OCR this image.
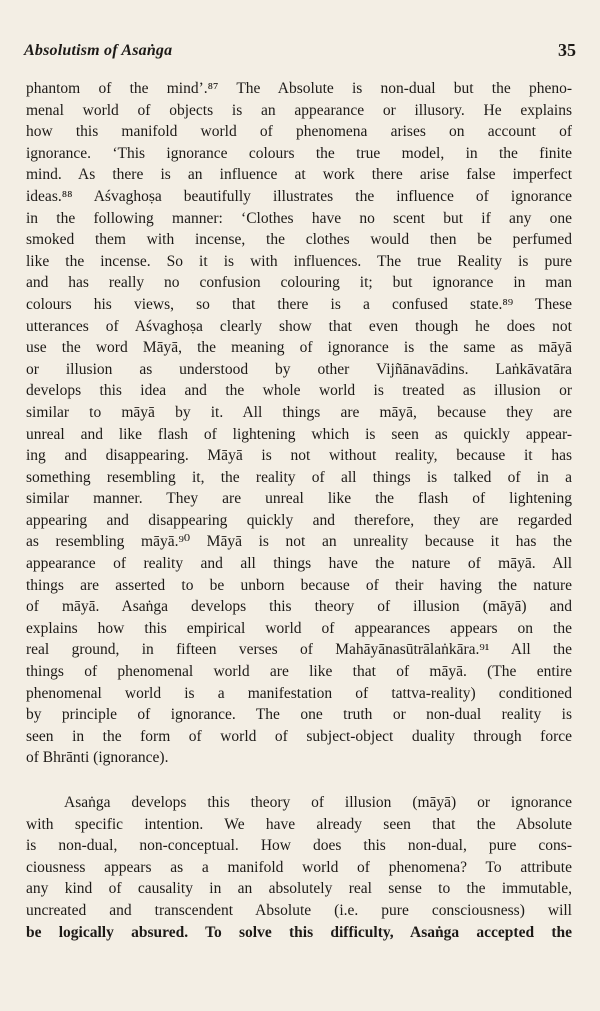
Absolutism of Asaṅga	35
phantom of the mind’.⁸⁷ The Absolute is non-dual but the pheno-
menal world of objects is an appearance or illusory. He explains
how this manifold world of phenomena arises on account of
ignorance. ‘This ignorance colours the true model, in the finite
mind. As there is an influence at work there arise false imperfect
ideas.⁸⁸ Aśvaghoṣa beautifully illustrates the influence of ignorance
in the following manner: ‘Clothes have no scent but if any one
smoked them with incense, the clothes would then be perfumed
like the incense. So it is with influences. The true Reality is pure
and has really no confusion colouring it; but ignorance in man
colours his views, so that there is a confused state.⁸⁹ These
utterances of Aśvaghoṣa clearly show that even though he does not
use the word Māyā, the meaning of ignorance is the same as māyā
or illusion as understood by other Vijñānavādins. Laṅkāvatāra
develops this idea and the whole world is treated as illusion or
similar to māyā by it. All things are māyā, because they are
unreal and like flash of lightening which is seen as quickly appear-
ing and disappearing. Māyā is not without reality, because it has
something resembling it, the reality of all things is talked of in a
similar manner. They are unreal like the flash of lightening
appearing and disappearing quickly and therefore, they are regarded
as resembling māyā.⁹⁰ Māyā is not an unreality because it has the
appearance of reality and all things have the nature of māyā. All
things are asserted to be unborn because of their having the nature
of māyā. Asaṅga develops this theory of illusion (māyā) and
explains how this empirical world of appearances appears on the
real ground, in fifteen verses of Mahāyānasūtrālaṅkāra.⁹¹ All the
things of phenomenal world are like that of māyā. (The entire
phenomenal world is a manifestation of tattva-reality) conditioned
by principle of ignorance. The one truth or non-dual reality is
seen in the form of world of subject-object duality through force
of Bhrānti (ignorance).
Asaṅga develops this theory of illusion (māyā) or ignorance
with specific intention. We have already seen that the Absolute
is non-dual, non-conceptual. How does this non-dual, pure cons-
ciousness appears as a manifold world of phenomena? To attribute
any kind of causality in an absolutely real sense to the immutable,
uncreated and transcendent Absolute (i.e. pure consciousness) will
be logically absured. To solve this difficulty, Asaṅga accepted the
